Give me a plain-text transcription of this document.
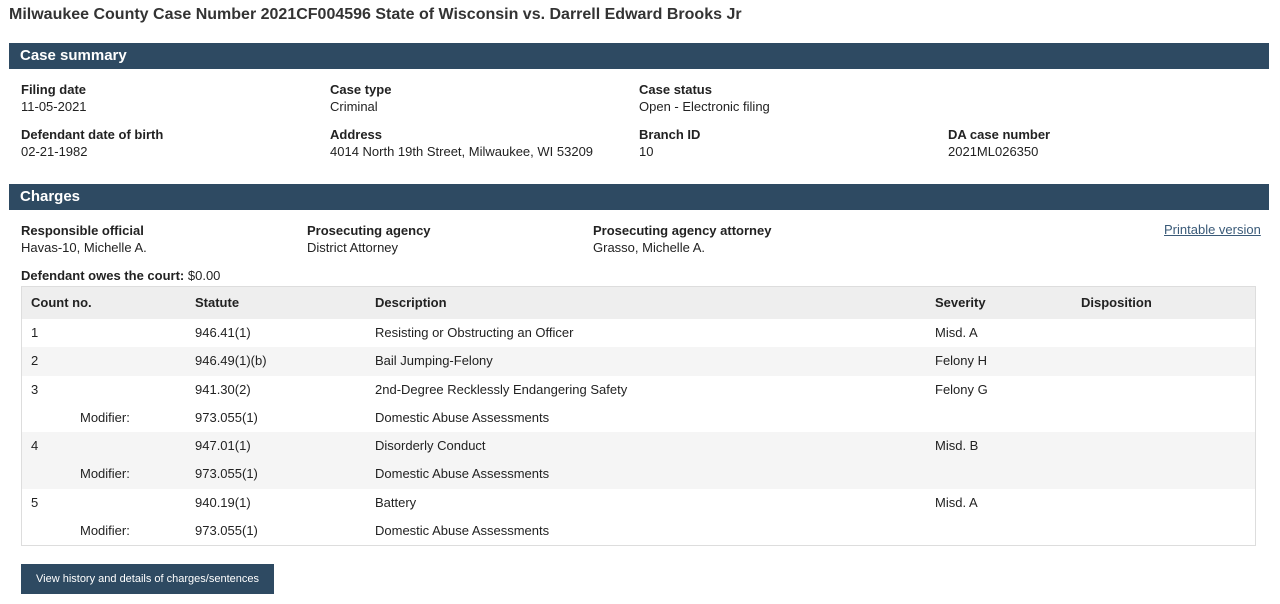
Milwaukee County Case Number 2021CF004596 State of Wisconsin vs. Darrell Edward Brooks Jr
Case summary
Filing date
11-05-2021
Case type
Criminal
Case status
Open - Electronic filing
Defendant date of birth
02-21-1982
Address
4014 North 19th Street, Milwaukee, WI 53209
Branch ID
10
DA case number
2021ML026350
Charges
Responsible official
Havas-10, Michelle A.
Prosecuting agency
District Attorney
Prosecuting agency attorney
Grasso, Michelle A.
Printable version
Defendant owes the court: $0.00
Count no.	Statute	Description	Severity	Disposition
1	946.41(1)	Resisting or Obstructing an Officer	Misd. A
2	946.49(1)(b)	Bail Jumping-Felony	Felony H
3	941.30(2)	2nd-Degree Recklessly Endangering Safety	Felony G
Modifier:	973.055(1)	Domestic Abuse Assessments
4	947.01(1)	Disorderly Conduct	Misd. B
Modifier:	973.055(1)	Domestic Abuse Assessments
5	940.19(1)	Battery	Misd. A
Modifier:	973.055(1)	Domestic Abuse Assessments
View history and details of charges/sentences
